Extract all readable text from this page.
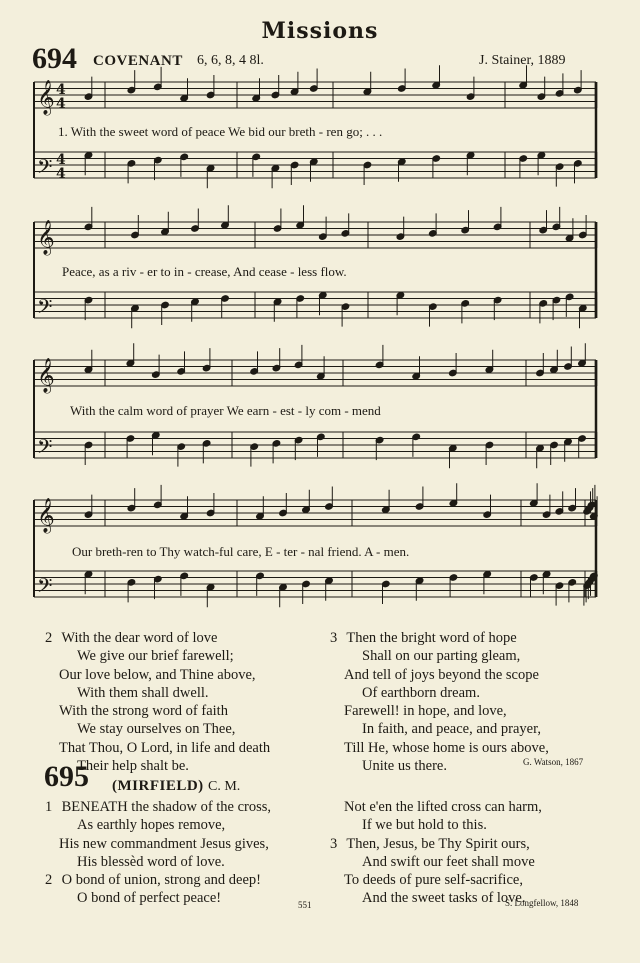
Missions
694 COVENANT 6, 6, 8, 4 8l.	J. Stainer, 1889
𝄞
𝄢
𝄞
𝄢
𝄞
𝄢
𝄞
𝄢
4
4
4
4
1. With the sweet word of peace We bid our breth - ren go; . . .
Peace, as a riv - er to in - crease, And cease - less flow.
With the calm word of prayer We earn - est - ly com - mend
Our breth-ren to Thy watch-ful care, E - ter - nal friend. A - men.
2 With the dear word of love
We give our brief farewell;
Our love below, and Thine above,
With them shall dwell.
With the strong word of faith
We stay ourselves on Thee,
That Thou, O Lord, in life and death
Their help shalt be.
3 Then the bright word of hope
Shall on our parting gleam,
And tell of joys beyond the scope
Of earthborn dream.
Farewell! in hope, and love,
In faith, and peace, and prayer,
Till He, whose home is ours above,
Unite us there.	G. Watson, 1867
695 (MIRFIELD) C. M.
1 BENEATH the shadow of the cross,
As earthly hopes remove,
His new commandment Jesus gives,
His blessèd word of love.
2 O bond of union, strong and deep!
O bond of perfect peace!
Not e'en the lifted cross can harm,
If we but hold to this.
3 Then, Jesus, be Thy Spirit ours,
And swift our feet shall move
To deeds of pure self-sacrifice,
And the sweet tasks of love.
551	S. Longfellow, 1848
